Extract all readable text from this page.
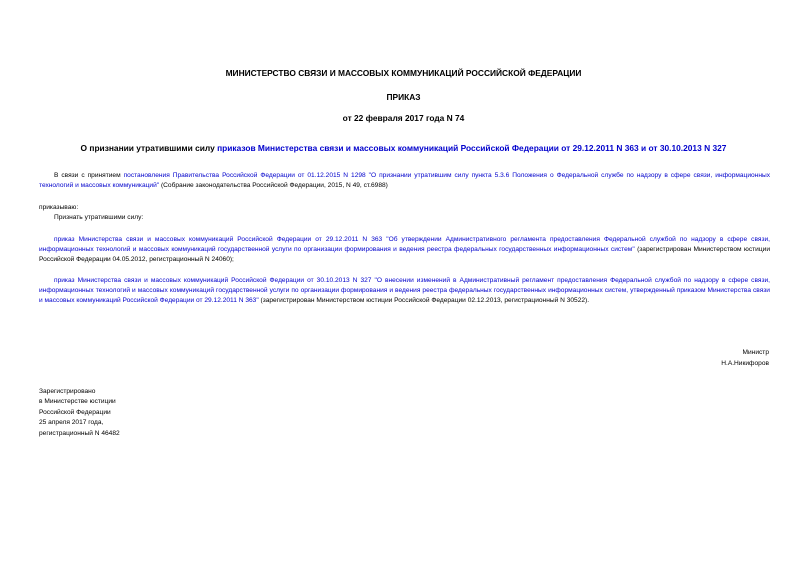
МИНИСТЕРСТВО СВЯЗИ И МАССОВЫХ КОММУНИКАЦИЙ РОССИЙСКОЙ ФЕДЕРАЦИИ
ПРИКАЗ
от 22 февраля 2017 года N 74
О признании утратившими силу приказов Министерства связи и массовых коммуникаций Российской Федерации от 29.12.2011 N 363 и от 30.10.2013 N 327
В связи с принятием постановления Правительства Российской Федерации от 01.12.2015 N 1298 "О признании утратившим силу пункта 5.3.6 Положения о Федеральной службе по надзору в сфере связи, информационных технологий и массовых коммуникаций" (Собрание законодательства Российской Федерации, 2015, N 49, ст.6988)
приказываю:
Признать утратившими силу:
приказ Министерства связи и массовых коммуникаций Российской Федерации от 29.12.2011 N 363 "Об утверждении Административного регламента предоставления Федеральной службой по надзору в сфере связи, информационных технологий и массовых коммуникаций государственной услуги по организации формирования и ведения реестра федеральных государственных информационных систем" (зарегистрирован Министерством юстиции Российской Федерации 04.05.2012, регистрационный N 24060);
приказ Министерства связи и массовых коммуникаций Российской Федерации от 30.10.2013 N 327 "О внесении изменений в Административный регламент предоставления Федеральной службой по надзору в сфере связи, информационных технологий и массовых коммуникаций государственной услуги по организации формирования и ведения реестра федеральных государственных информационных систем, утвержденный приказом Министерства связи и массовых коммуникаций Российской Федерации от 29.12.2011 N 363" (зарегистрирован Министерством юстиции Российской Федерации 02.12.2013, регистрационный N 30522).
Министр
Н.А.Никифоров
Зарегистрировано
в Министерстве юстиции
Российской Федерации
25 апреля 2017 года,
регистрационный N 46482
